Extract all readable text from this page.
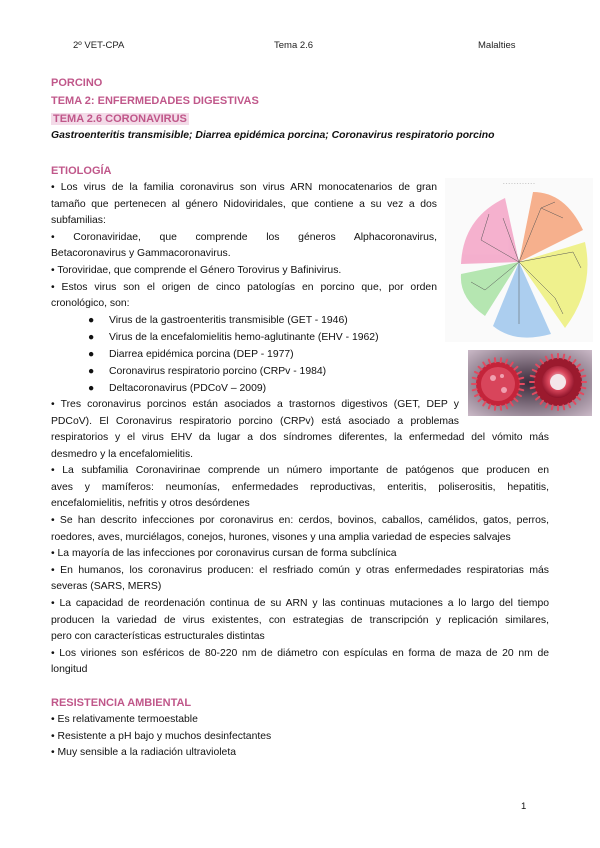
2º VET-CPA	Tema 2.6	Malalties
PORCINO
TEMA 2: ENFERMEDADES DIGESTIVAS
TEMA 2.6 CORONAVIRUS
Gastroenteritis transmisible; Diarrea epidémica porcina; Coronavirus respiratorio porcino
ETIOLOGÍA
• Los virus de la familia coronavirus son virus ARN monocatenarios de gran
tamaño que pertenecen al género Nidoviridales, que contiene a su vez a dos
subfamilias:
• Coronaviridae, que comprende los géneros Alphacoronavirus,
Betacoronavirus y Gammacoronavirus.
• Toroviridae, que comprende el Género Torovirus y Bafinivirus.
• Estos virus son el origen de cinco patologías en porcino que, por orden
cronológico, son:
● Virus de la gastroenteritis transmisible (GET - 1946)
● Virus de la encefalomielitis hemo-aglutinante (EHV - 1962)
● Diarrea epidémica porcina (DEP - 1977)
● Coronavirus respiratorio porcino (CRPv - 1984)
● Deltacoronavirus (PDCoV – 2009)
• Tres coronavirus porcinos están asociados a trastornos digestivos (GET, DEP y
PDCoV). El Coronavirus respiratorio porcino (CRPv) está asociado a problemas
respiratorios y el virus EHV da lugar a dos síndromes diferentes, la enfermedad del vómito más
desmedro y la encefalomielitis.
• La subfamilia Coronavirinae comprende un número importante de patógenos que producen en
aves y mamíferos: neumonías, enfermedades reproductivas, enteritis, poliserositis, hepatitis,
encefalomielitis, nefritis y otros desórdenes
• Se han descrito infecciones por coronavirus en: cerdos, bovinos, caballos, camélidos, gatos, perros,
roedores, aves, murciélagos, conejos, hurones, visones y una amplia variedad de especies salvajes
• La mayoría de las infecciones por coronavirus cursan de forma subclínica
• En humanos, los coronavirus producen: el resfriado común y otras enfermedades respiratorias más
severas (SARS, MERS)
• La capacidad de reordenación continua de su ARN y las continuas mutaciones a lo largo del tiempo
producen la variedad de virus existentes, con estrategias de transcripción y replicación similares,
pero con características estructurales distintas
• Los viriones son esféricos de 80-220 nm de diámetro con espículas en forma de maza de 20 nm de
longitud
RESISTENCIA AMBIENTAL
• Es relativamente termoestable
• Resistente a pH bajo y muchos desinfectantes
• Muy sensible a la radiación ultravioleta
- - - - - - - - - - - -
1
